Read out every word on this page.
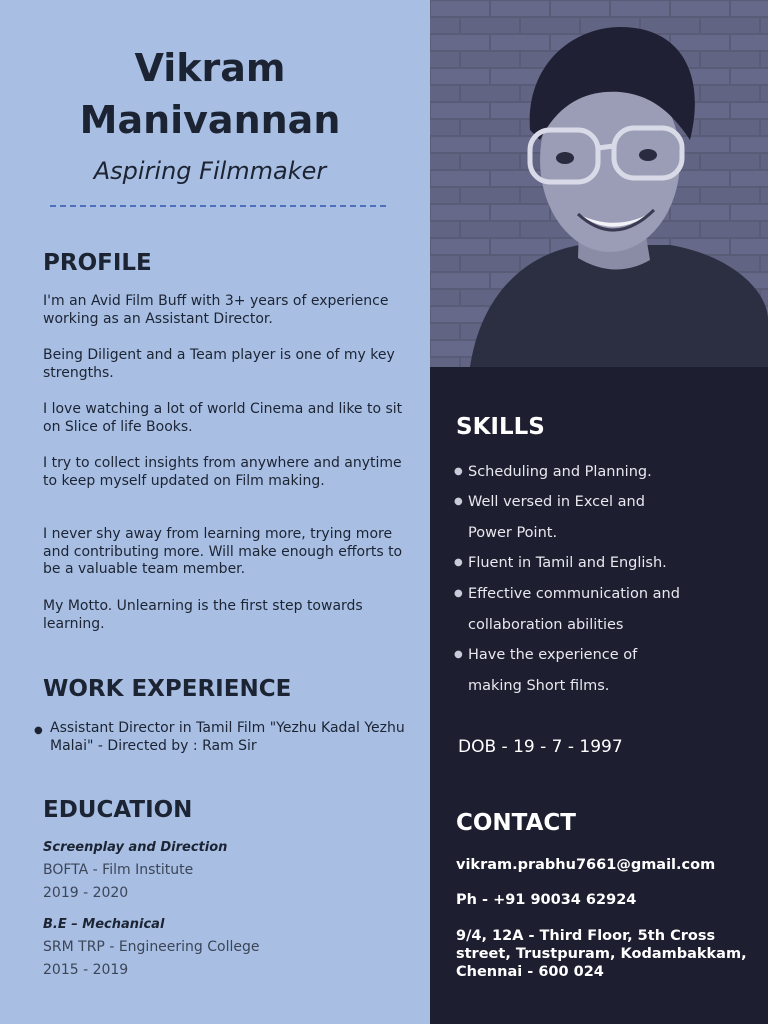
Vikram
Manivannan
Aspiring Filmmaker
PROFILE

I'm an Avid Film Buff with 3+ years of experience working as an Assistant Director.

Being Diligent and a Team player is one of my key strengths.

I love watching a lot of world Cinema and like to sit on Slice of life Books.

I try to collect insights from anywhere and anytime to keep myself updated on Film making.

I never shy away from learning more, trying more and contributing more. Will make enough efforts to be a valuable team member.

My Motto. Unlearning is the first step towards learning.

WORK EXPERIENCE
● Assistant Director in Tamil Film "Yezhu Kadal Yezhu Malai" - Directed by : Ram Sir
EDUCATION
Screenplay and Direction
BOFTA - Film Institute
2019 - 2020
B.E – Mechanical
SRM TRP - Engineering College
2015 - 2019
SKILLS
● Scheduling and Planning.
● Well versed in Excel and Power Point.
● Fluent in Tamil and English.
● Effective communication and collaboration abilities
● Have the experience of making Short films.
DOB - 19 - 7 - 1997
CONTACT
vikram.prabhu7661@gmail.com
Ph - +91 90034 62924
9/4, 12A - Third Floor, 5th Cross street, Trustpuram, Kodambakkam, Chennai - 600 024
